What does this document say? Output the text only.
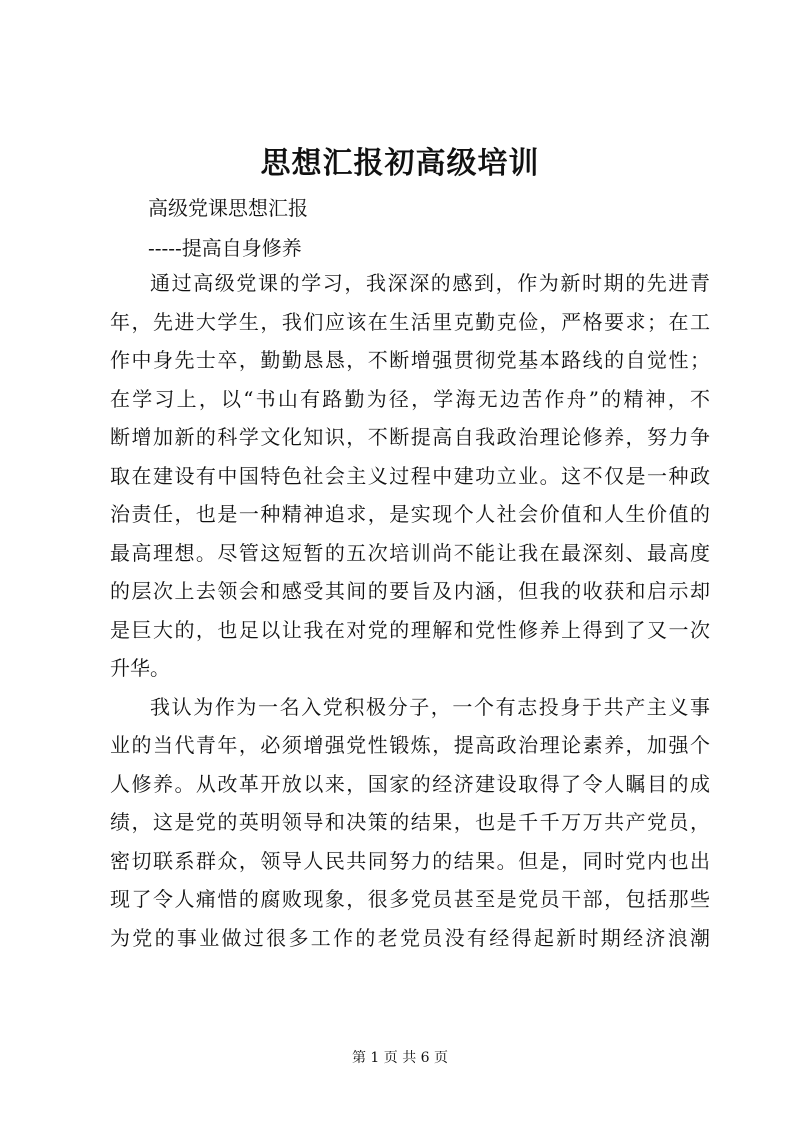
思想汇报初高级培训
高级党课思想汇报
-----提高自身修养
通过高级党课的学习，我深深的感到，作为新时期的先进青
年，先进大学生，我们应该在生活里克勤克俭，严格要求；在工
作中身先士卒，勤勤恳恳，不断增强贯彻党基本路线的自觉性；
在学习上，以“书山有路勤为径，学海无边苦作舟”的精神，不
断增加新的科学文化知识，不断提高自我政治理论修养，努力争
取在建设有中国特色社会主义过程中建功立业。这不仅是一种政
治责任，也是一种精神追求，是实现个人社会价值和人生价值的
最高理想。尽管这短暂的五次培训尚不能让我在最深刻、最高度
的层次上去领会和感受其间的要旨及内涵，但我的收获和启示却
是巨大的，也足以让我在对党的理解和党性修养上得到了又一次
升华。
我认为作为一名入党积极分子，一个有志投身于共产主义事
业的当代青年，必须增强党性锻炼，提高政治理论素养，加强个
人修养。从改革开放以来，国家的经济建设取得了令人瞩目的成
绩，这是党的英明领导和决策的结果，也是千千万万共产党员，
密切联系群众，领导人民共同努力的结果。但是，同时党内也出
现了令人痛惜的腐败现象，很多党员甚至是党员干部，包括那些
为党的事业做过很多工作的老党员没有经得起新时期经济浪潮
第 1 页 共 6 页
